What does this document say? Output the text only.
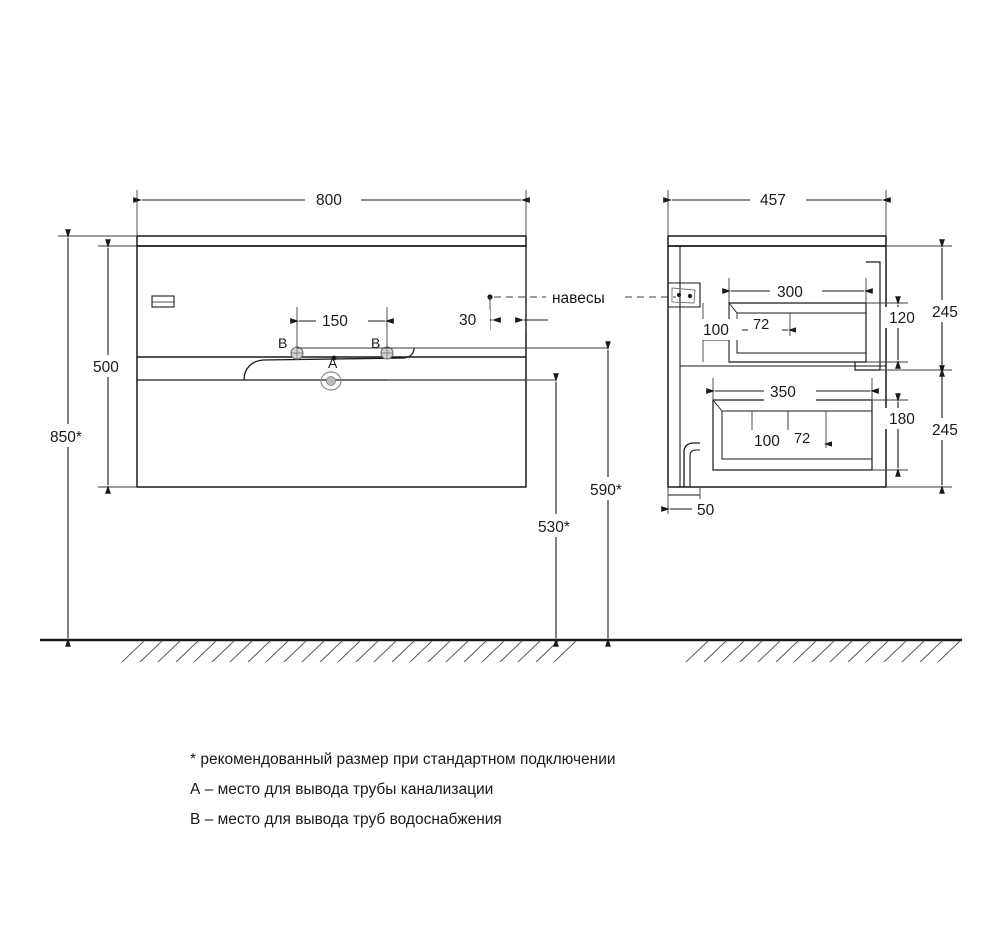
B	B
A
800
150	30
навесы
500
850*
530*
590*
457
300
72
100
120 245
350
72
100
180
245
50
* рекомендованный размер при стандартном подключении
А – место для вывода трубы канализации
В – место для вывода труб водоснабжения
